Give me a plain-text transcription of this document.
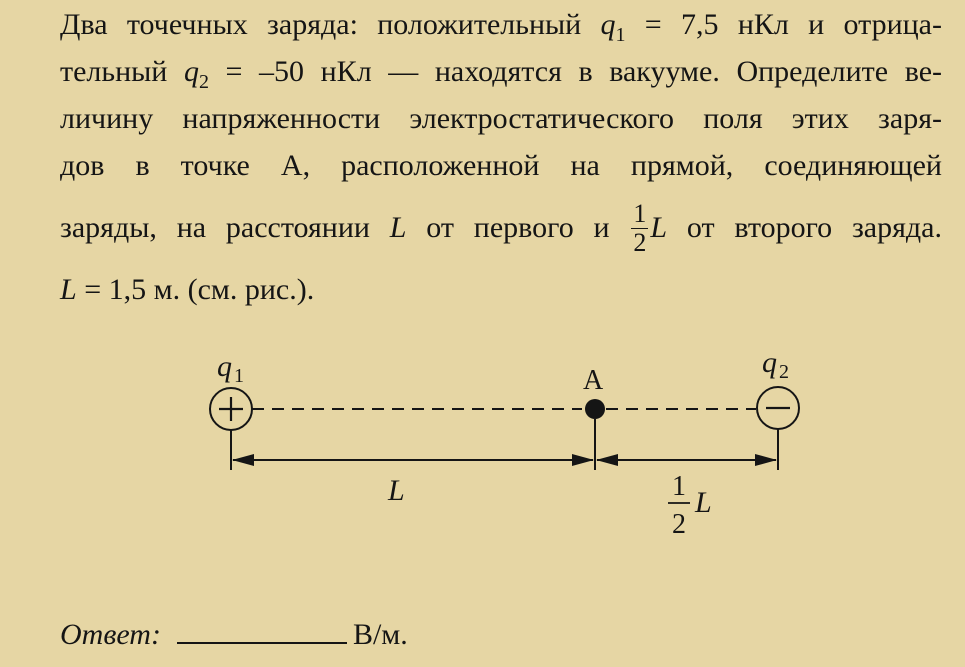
Два точечных заряда: положительный $q_1 = 7,5$ нКл и отрица-
тельный $q_2 = -50$ нКл — находятся в вакууме. Определите ве-
личину напряженности электростатического поля этих заря-
дов в точке А, расположенной на прямой, соединяющей
заряды, на расстоянии L от первого и $\frac{1}{2}$ L от второго заряда.
L = 1,5 м. (см. рис.).
q 1	q 2
А
L	1
2
L
Ответ:	В/м.
